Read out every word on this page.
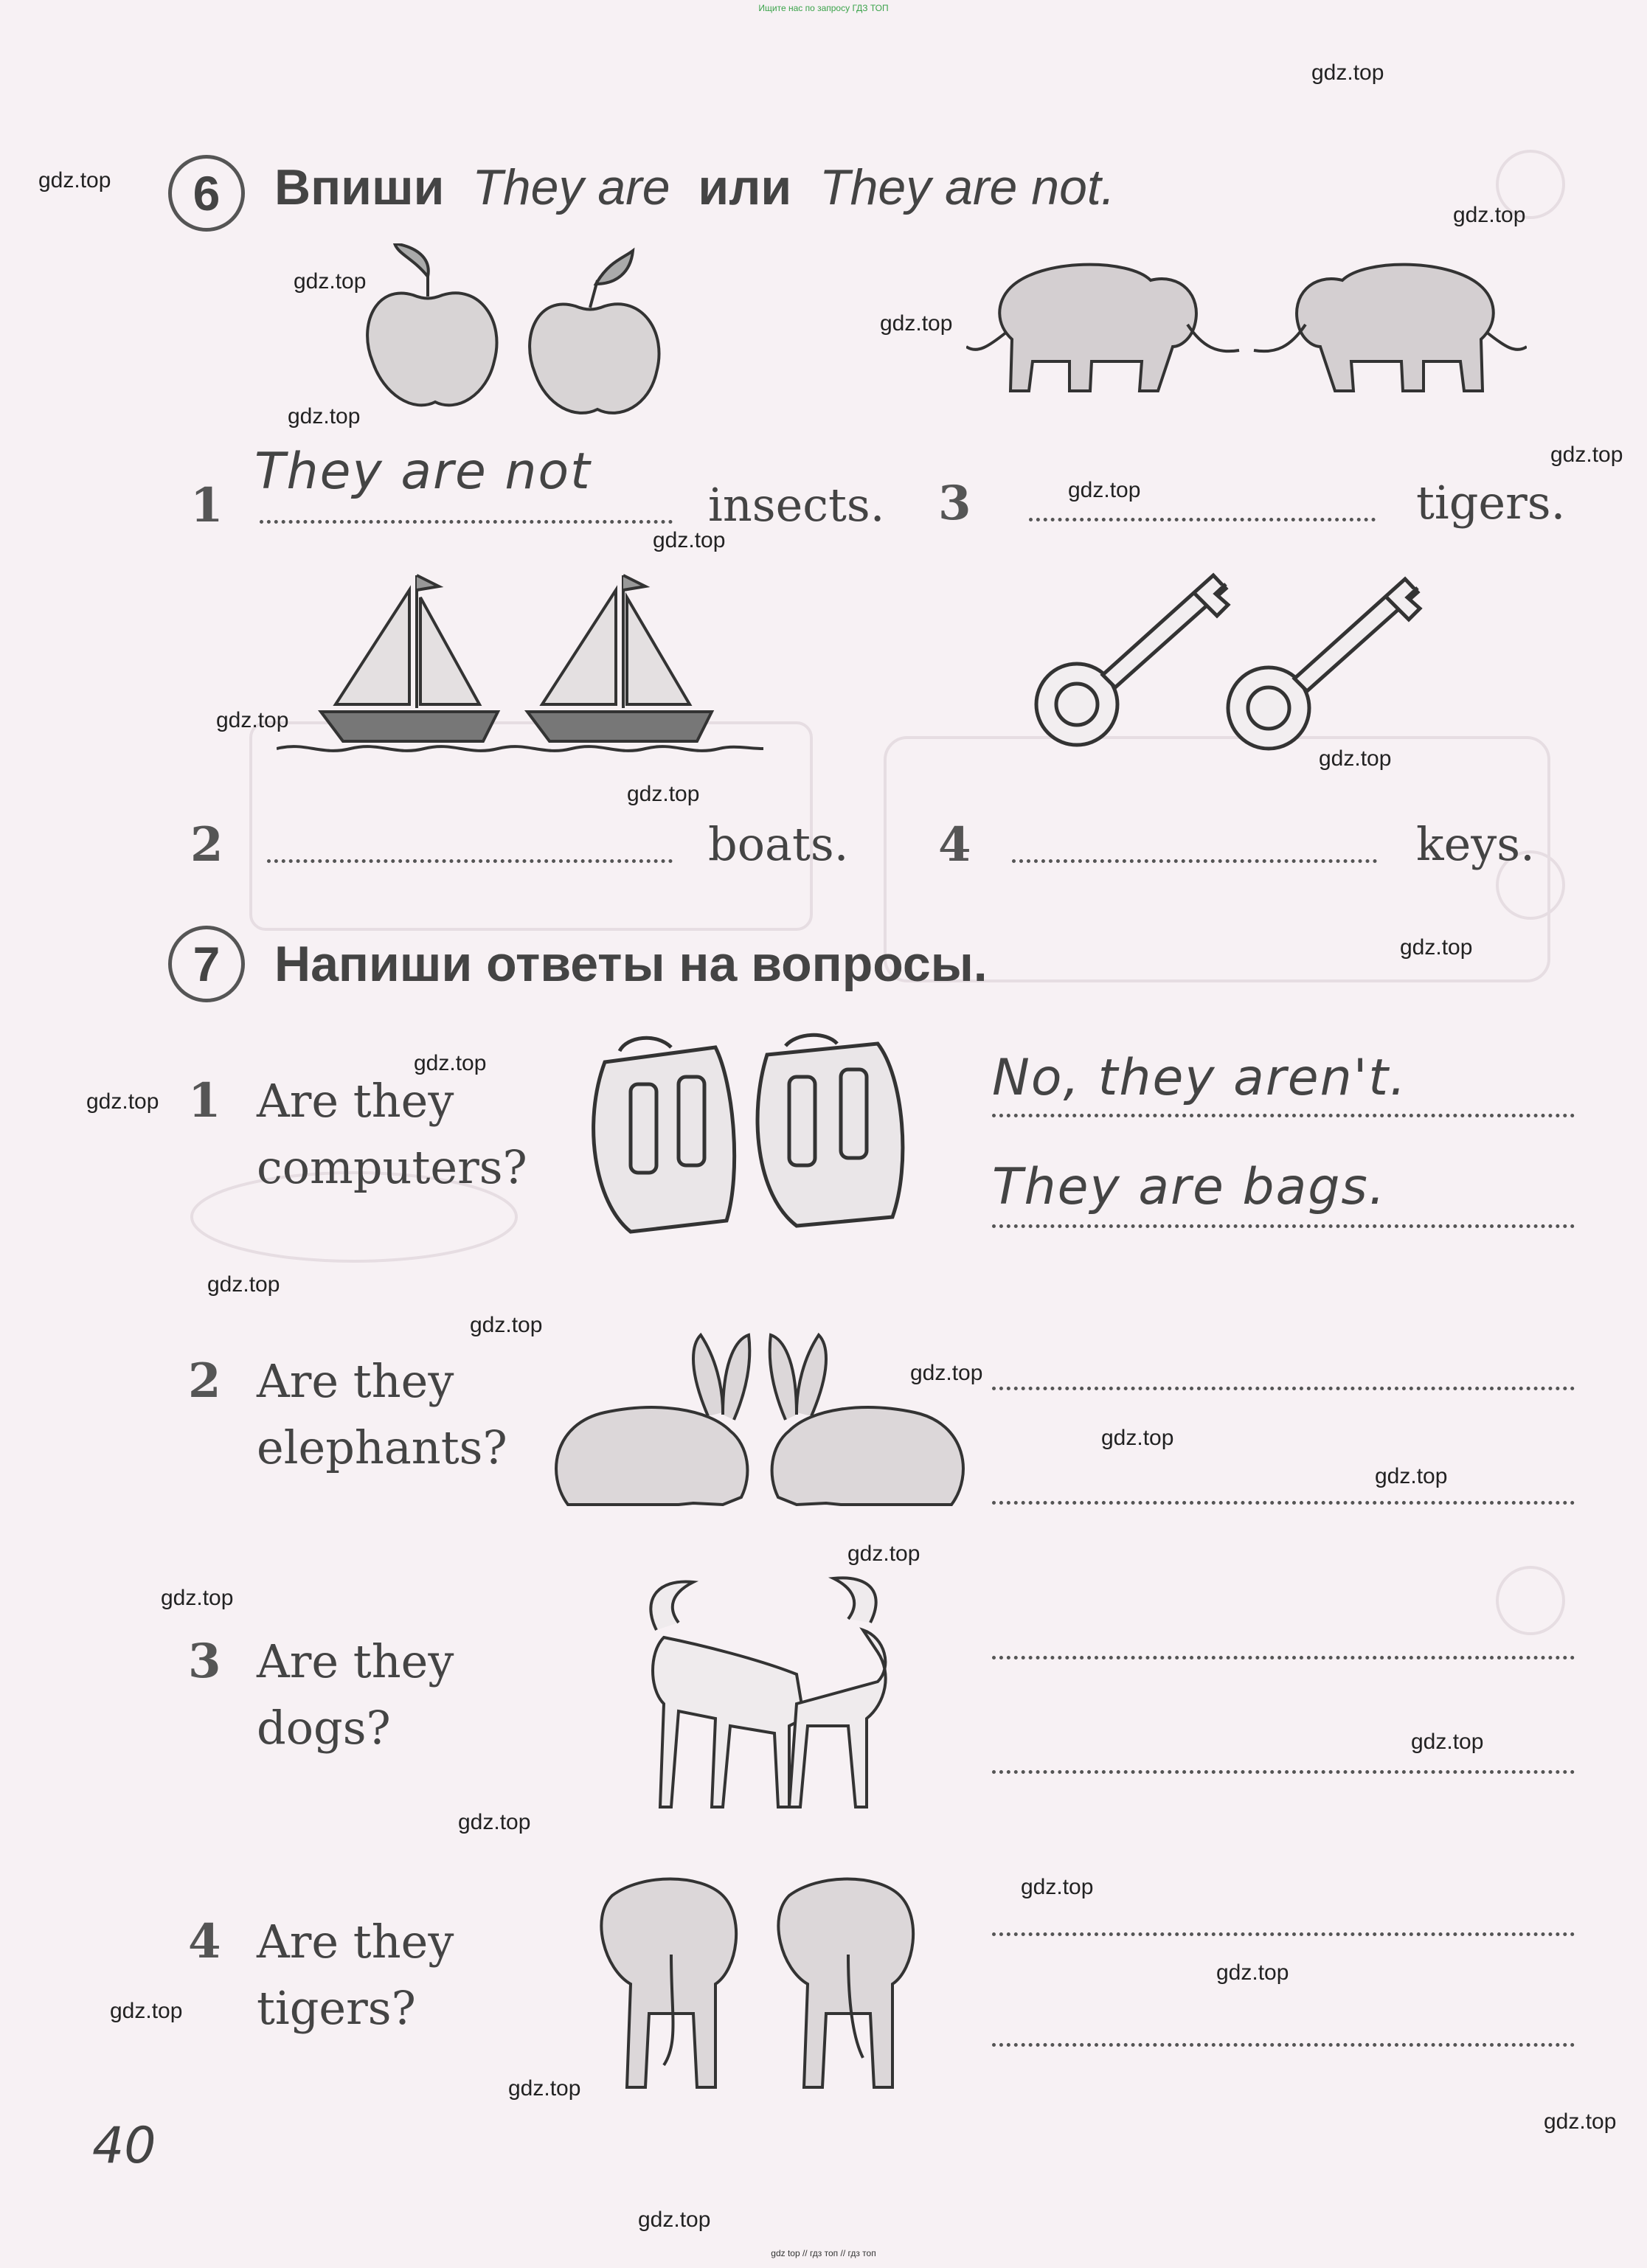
Ищите нас по запросу ГДЗ ТОП
gdz top // гдз топ // гдз топ
6 Впиши They are или They are not.
1
They are not
insects. 3	tigers.
2	boats. 4	keys.
7 Напиши ответы на вопросы.
1 Are they
computers?
No, they aren't.
They are bags.
2 Are they
elephants?
3 Are they
dogs?
4 Are they
tigers?
40
gdz.top
gdz.top
gdz.top
gdz.top
gdz.top
gdz.top
gdz.top
gdz.top
gdz.top
gdz.top
gdz.top
gdz.top
gdz.top
gdz.top
gdz.top
gdz.top
gdz.top
gdz.top
gdz.top
gdz.top
gdz.top
gdz.top
gdz.top
gdz.top
gdz.top
gdz.top
gdz.top
gdz.top
gdz.top
gdz.top
